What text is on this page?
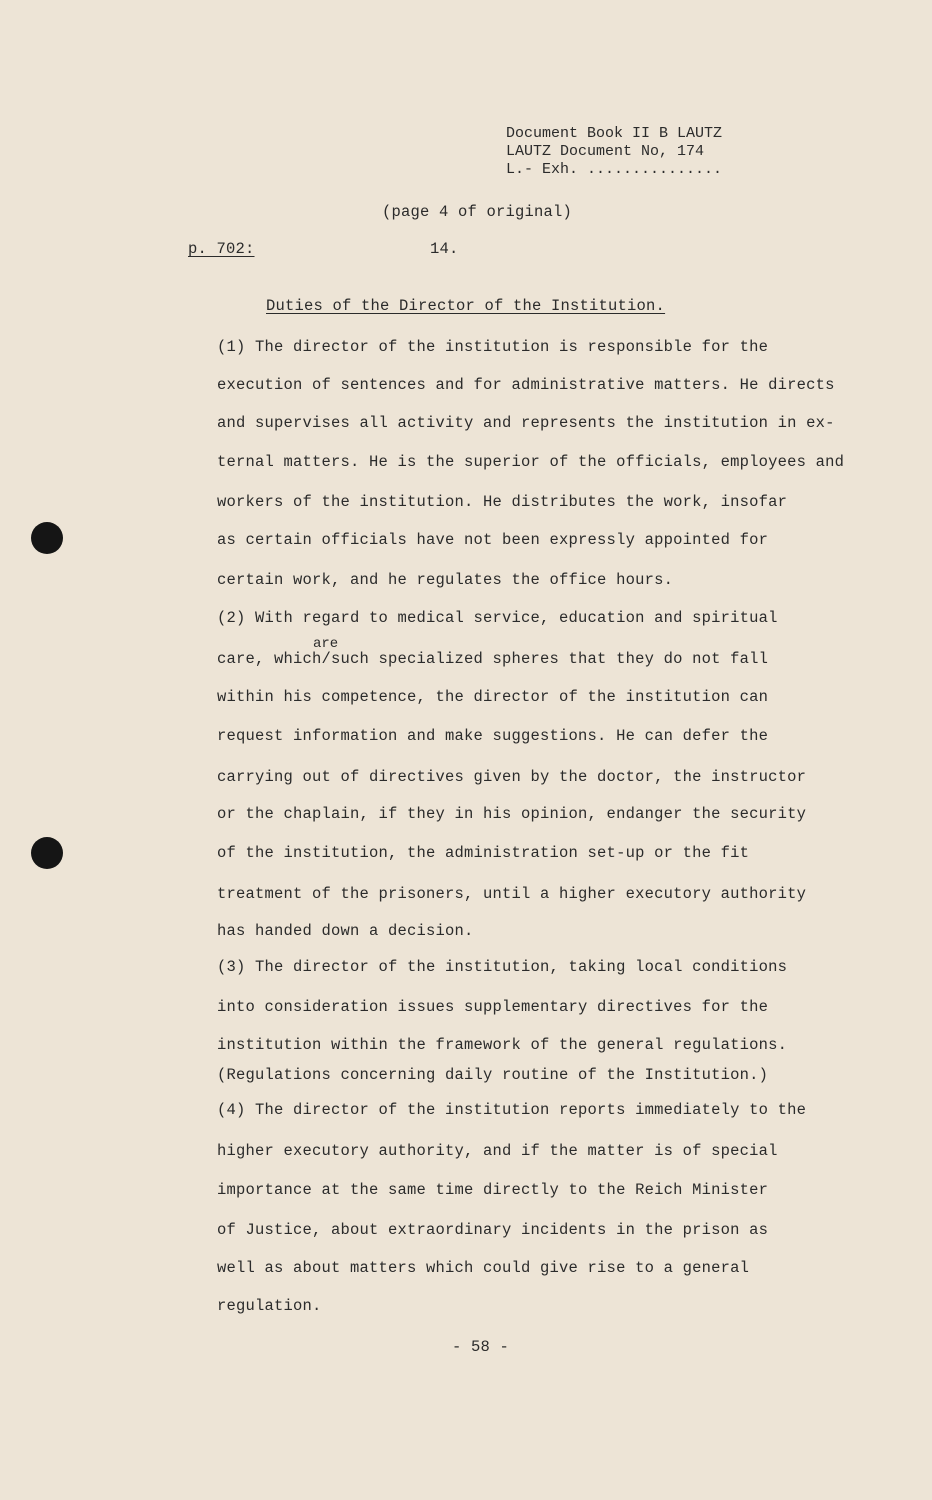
Document Book II B LAUTZ
LAUTZ Document No, 174
L.- Exh. ...............
(page 4 of original)
p. 702:	14.
Duties of the Director of the Institution.
are
(1) The director of the institution is responsible for the
execution of sentences and for administrative matters. He directs
and supervises all activity and represents the institution in ex-
ternal matters. He is the superior of the officials, employees and
workers of the institution. He distributes the work, insofar
as certain officials have not been expressly appointed for
certain work, and he regulates the office hours.
(2) With regard to medical service, education and spiritual
care, which/such specialized spheres that they do not fall
within his competence, the director of the institution can
request information and make suggestions. He can defer the
carrying out of directives given by the doctor, the instructor
or the chaplain, if they in his opinion, endanger the security
of the institution, the administration set-up or the fit
treatment of the prisoners, until a higher executory authority
has handed down a decision.
(3) The director of the institution, taking local conditions
into consideration issues supplementary directives for the
institution within the framework of the general regulations.
(Regulations concerning daily routine of the Institution.)
(4) The director of the institution reports immediately to the
higher executory authority, and if the matter is of special
importance at the same time directly to the Reich Minister
of Justice, about extraordinary incidents in the prison as
well as about matters which could give rise to a general
regulation.
- 58 -
